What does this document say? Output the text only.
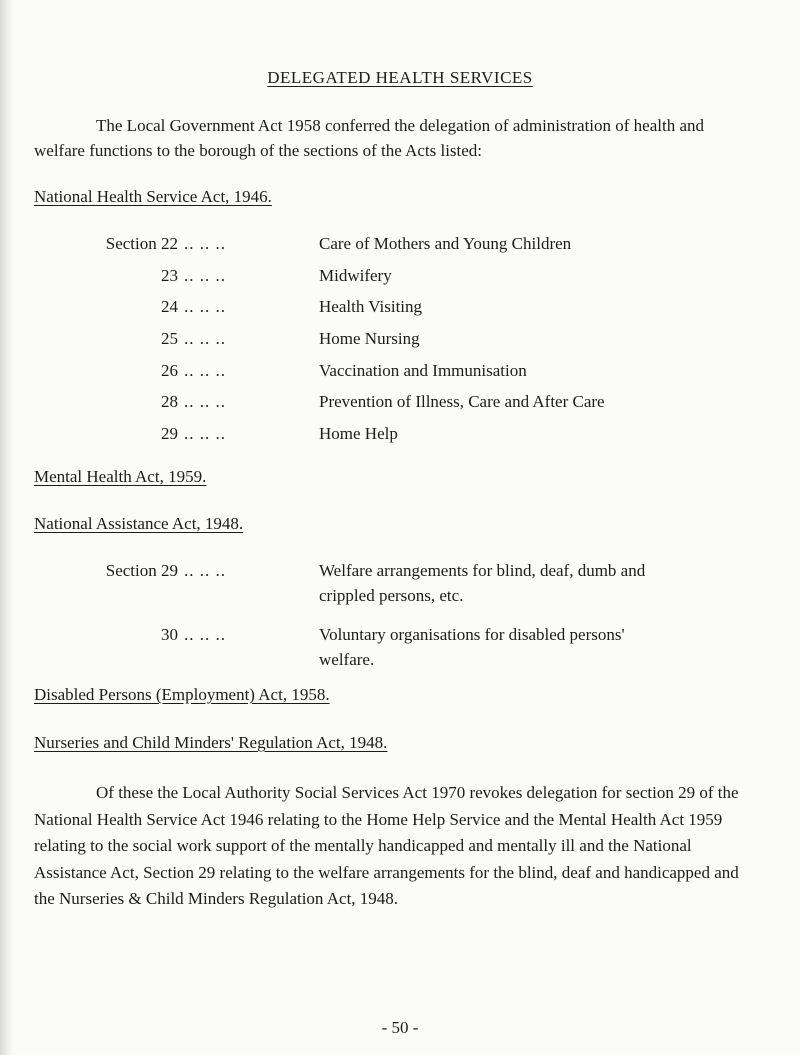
DELEGATED HEALTH SERVICES

The Local Government Act 1958 conferred the delegation of administration of health and welfare functions to the borough of the sections of the Acts listed:

National Health Service Act, 1946.

Section 22 .. .. ..	Care of Mothers and Young Children
23 .. .. ..	Midwifery
24 .. .. ..	Health Visiting
25 .. .. ..	Home Nursing
26 .. .. ..	Vaccination and Immunisation
28 .. .. ..	Prevention of Illness, Care and After Care
29 .. .. ..	Home Help

Mental Health Act, 1959.

National Assistance Act, 1948.

Section 29 .. .. ..	Welfare arrangements for blind, deaf, dumb and crippled persons, etc.
30 .. .. ..	Voluntary organisations for disabled persons' welfare.

Disabled Persons (Employment) Act, 1958.

Nurseries and Child Minders' Regulation Act, 1948.

Of these the Local Authority Social Services Act 1970 revokes delegation for section 29 of the National Health Service Act 1946 relating to the Home Help Service and the Mental Health Act 1959 relating to the social work support of the mentally handicapped and mentally ill and the National Assistance Act, Section 29 relating to the welfare arrangements for the blind, deaf and handicapped and the Nurseries & Child Minders Regulation Act, 1948.

- 50 -
